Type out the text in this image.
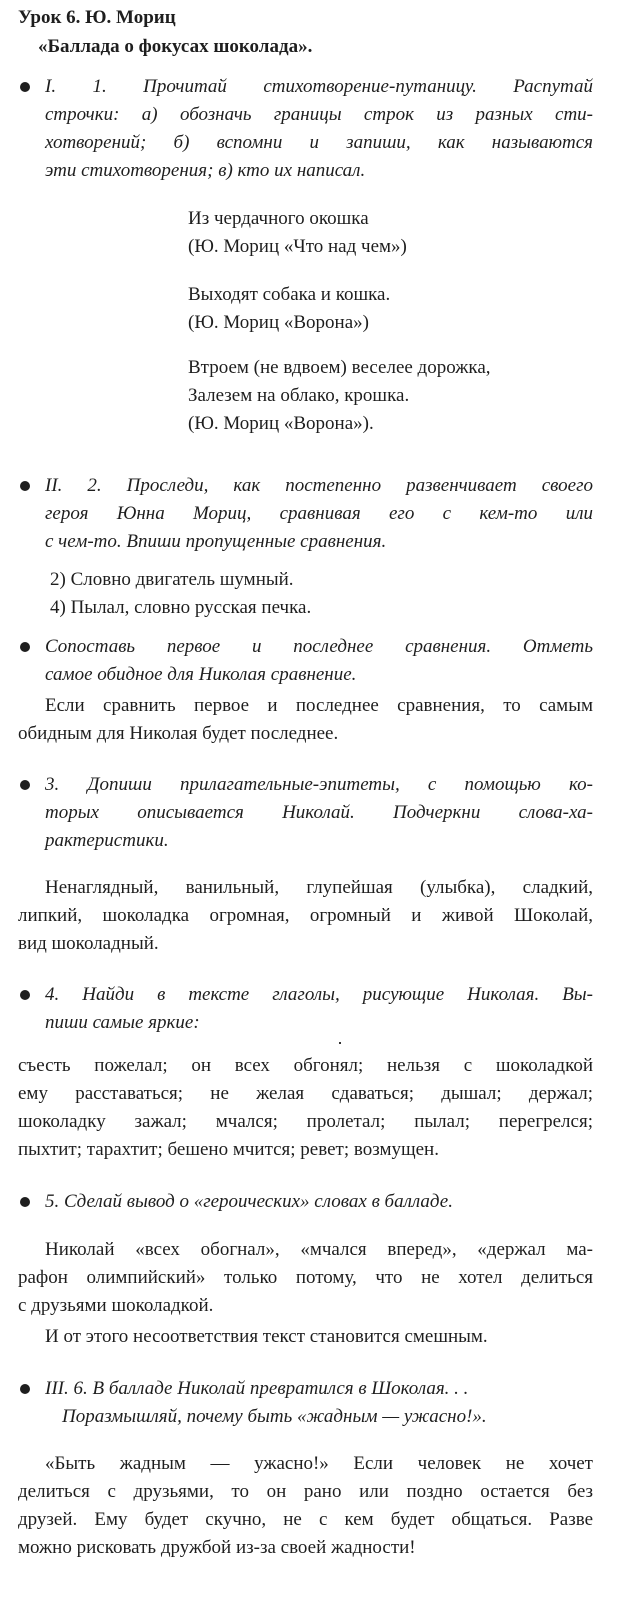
Урок 6. Ю. Мориц
«Баллада о фокусах шоколада».
I. 1. Прочитай стихотворение-путаницу. Распутай
строчки: а) обозначь границы строк из разных сти-
хотворений; б) вспомни и запиши, как называются
эти стихотворения; в) кто их написал.
Из чердачного окошка
(Ю. Мориц «Что над чем»)
Выходят собака и кошка.
(Ю. Мориц «Ворона»)
Втроем (не вдвоем) веселее дорожка,
Залезем на облако, крошка.
(Ю. Мориц «Ворона»).
II. 2. Проследи, как постепенно развенчивает своего
героя Юнна Мориц, сравнивая его с кем-то или
с чем-то. Впиши пропущенные сравнения.
2) Словно двигатель шумный.
4) Пылал, словно русская печка.
Сопоставь первое и последнее сравнения. Отметь
самое обидное для Николая сравнение.
Если сравнить первое и последнее сравнения, то самым
обидным для Николая будет последнее.
3. Допиши прилагательные-эпитеты, с помощью ко-
торых описывается Николай. Подчеркни слова-ха-
рактеристики.
Ненаглядный, ванильный, глупейшая (улыбка), сладкий,
липкий, шоколадка огромная, огромный и живой Шоколай,
вид шоколадный.
4. Найди в тексте глаголы, рисующие Николая. Вы-
пиши самые яркие:
съесть пожелал; он всех обгонял; нельзя с шоколадкой
ему расставаться; не желая сдаваться; дышал; держал;
шоколадку зажал; мчался; пролетал; пылал; перегрелся;
пыхтит; тарахтит; бешено мчится; ревет; возмущен.
5. Сделай вывод о «героических» словах в балладе.
Николай «всех обогнал», «мчался вперед», «держал ма-
рафон олимпийский» только потому, что не хотел делиться
с друзьями шоколадкой.
И от этого несоответствия текст становится смешным.
III. 6. В балладе Николай превратился в Шоколая. . .
Поразмышляй, почему быть «жадным — ужасно!».
«Быть жадным — ужасно!» Если человек не хочет
делиться с друзьями, то он рано или поздно остается без
друзей. Ему будет скучно, не с кем будет общаться. Разве
можно рисковать дружбой из-за своей жадности!
